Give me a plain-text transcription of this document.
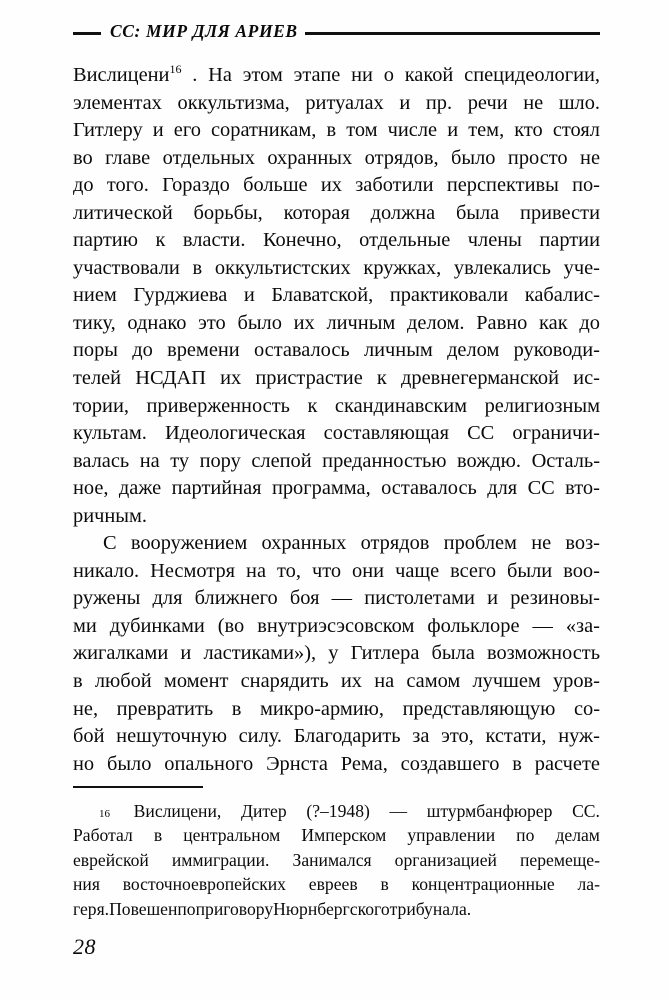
СС: МИР ДЛЯ АРИЕВ
Вислицени$^{16}$ . На этом этапе ни о какой специдеологии,
элементах оккультизма, ритуалах и пр. речи не шло.
Гитлеру и его соратникам, в том числе и тем, кто стоял
во главе отдельных охранных отрядов, было просто не
до того. Гораздо больше их заботили перспективы по-
литической борьбы, которая должна была привести
партию к власти. Конечно, отдельные члены партии
участвовали в оккультистских кружках, увлекались уче-
нием Гурджиева и Блаватской, практиковали кабалис-
тику, однако это было их личным делом. Равно как до
поры до времени оставалось личным делом руководи-
телей НСДАП их пристрастие к древнегерманской ис-
тории, приверженность к скандинавским религиозным
культам. Идеологическая составляющая СС ограничи-
валась на ту пору слепой преданностью вождю. Осталь-
ное, даже партийная программа, оставалось для СС вто-
ричным.
С вооружением охранных отрядов проблем не воз-
никало. Несмотря на то, что они чаще всего были воо-
ружены для ближнего боя — пистолетами и резиновы-
ми дубинками (во внутриэсэсовском фольклоре — «за-
жигалками и ластиками»), у Гитлера была возможность
в любой момент снарядить их на самом лучшем уров-
не, превратить в микро-армию, представляющую со-
бой нешуточную силу. Благодарить за это, кстати, нуж-
но было опального Эрнста Рема, создавшего в расчете
16 Вислицени, Дитер (?–1948) — штурмбанфюрер СС.
Работал в центральном Имперском управлении по делам
еврейской иммиграции. Занимался организацией перемеще-
ния восточноевропейских евреев в концентрационные ла-
геря.ПовешенпоприговоруНюрнбергскоготрибунала.
28
